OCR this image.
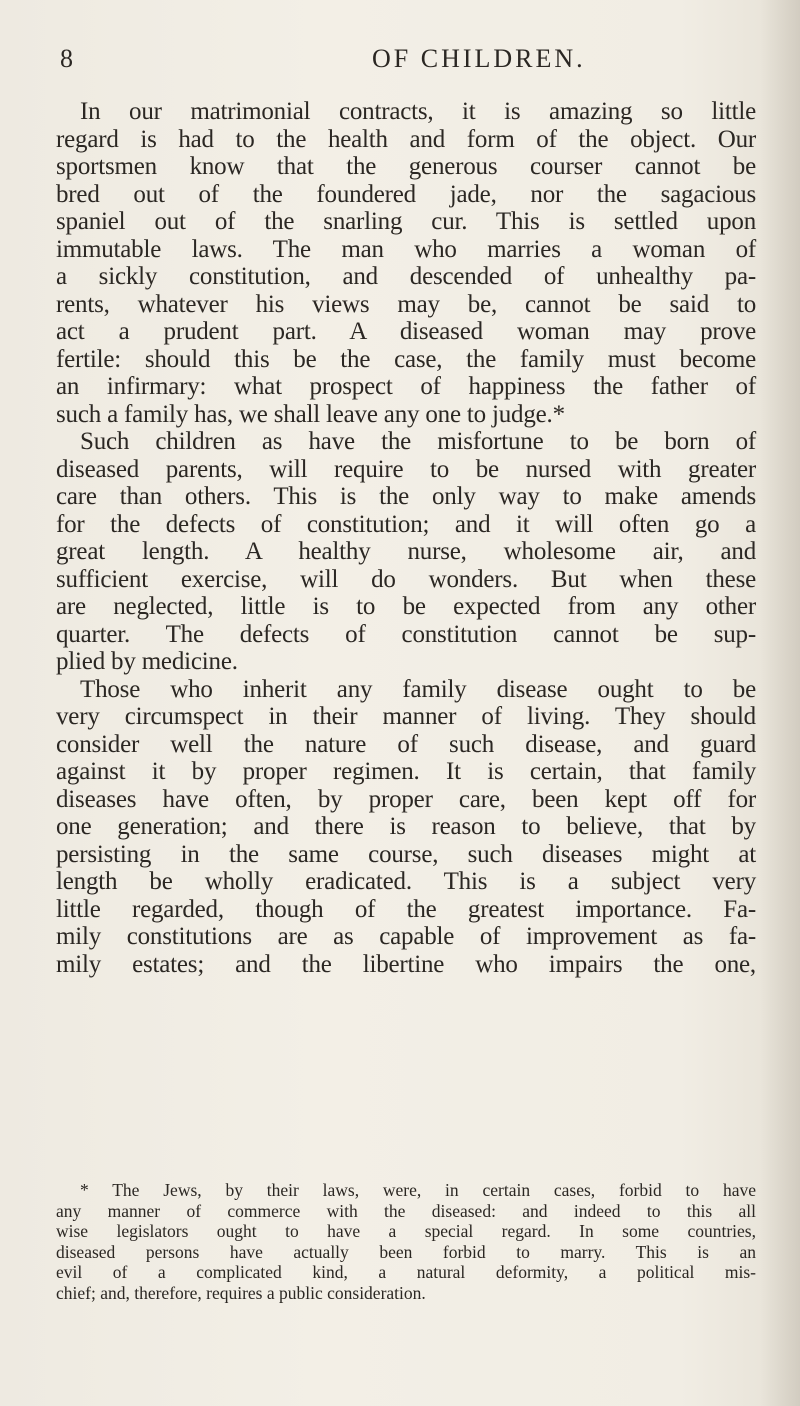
8	OF CHILDREN.
In our matrimonial contracts, it is amazing so little
regard is had to the health and form of the object. Our
sportsmen know that the generous courser cannot be
bred out of the foundered jade, nor the sagacious
spaniel out of the snarling cur. This is settled upon
immutable laws. The man who marries a woman of
a sickly constitution, and descended of unhealthy pa-
rents, whatever his views may be, cannot be said to
act a prudent part. A diseased woman may prove
fertile: should this be the case, the family must become
an infirmary: what prospect of happiness the father of
such a family has, we shall leave any one to judge.*
Such children as have the misfortune to be born of
diseased parents, will require to be nursed with greater
care than others. This is the only way to make amends
for the defects of constitution; and it will often go a
great length. A healthy nurse, wholesome air, and
sufficient exercise, will do wonders. But when these
are neglected, little is to be expected from any other
quarter. The defects of constitution cannot be sup-
plied by medicine.
Those who inherit any family disease ought to be
very circumspect in their manner of living. They should
consider well the nature of such disease, and guard
against it by proper regimen. It is certain, that family
diseases have often, by proper care, been kept off for
one generation; and there is reason to believe, that by
persisting in the same course, such diseases might at
length be wholly eradicated. This is a subject very
little regarded, though of the greatest importance. Fa-
mily constitutions are as capable of improvement as fa-
mily estates; and the libertine who impairs the one,
* The Jews, by their laws, were, in certain cases, forbid to have
any manner of commerce with the diseased: and indeed to this all
wise legislators ought to have a special regard. In some countries,
diseased persons have actually been forbid to marry. This is an
evil of a complicated kind, a natural deformity, a political mis-
chief; and, therefore, requires a public consideration.
